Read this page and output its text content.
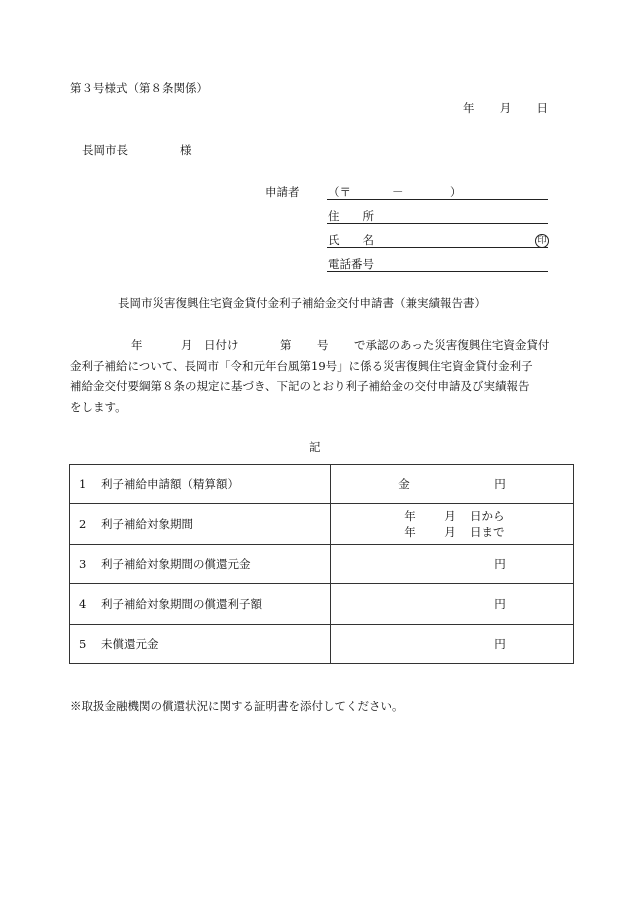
第３号様式（第８条関係）
年 月 日
長岡市長	様
申請者 （〒	－	）
住　　所
氏　　名	印
電話番号
長岡市災害復興住宅資金貸付金利子補給金交付申請書（兼実績報告書）
年	月 日付け	第 号 で承認のあった災害復興住宅資金貸付
金利子補給について、長岡市「令和元年台風第19号」に係る災害復興住宅資金貸付金利子
補給金交付要綱第８条の規定に基づき、下記のとおり利子補給金の交付申請及び実績報告
をします。
記
1 利子補給申請額（精算額）	金 円
2 利子補給対象期間	年 月 日から
年 月 日まで

3 利子補給対象期間の償還元金	円
4 利子補給対象期間の償還利子額	円
5 未償還元金	円
※取扱金融機関の償還状況に関する証明書を添付してください。
